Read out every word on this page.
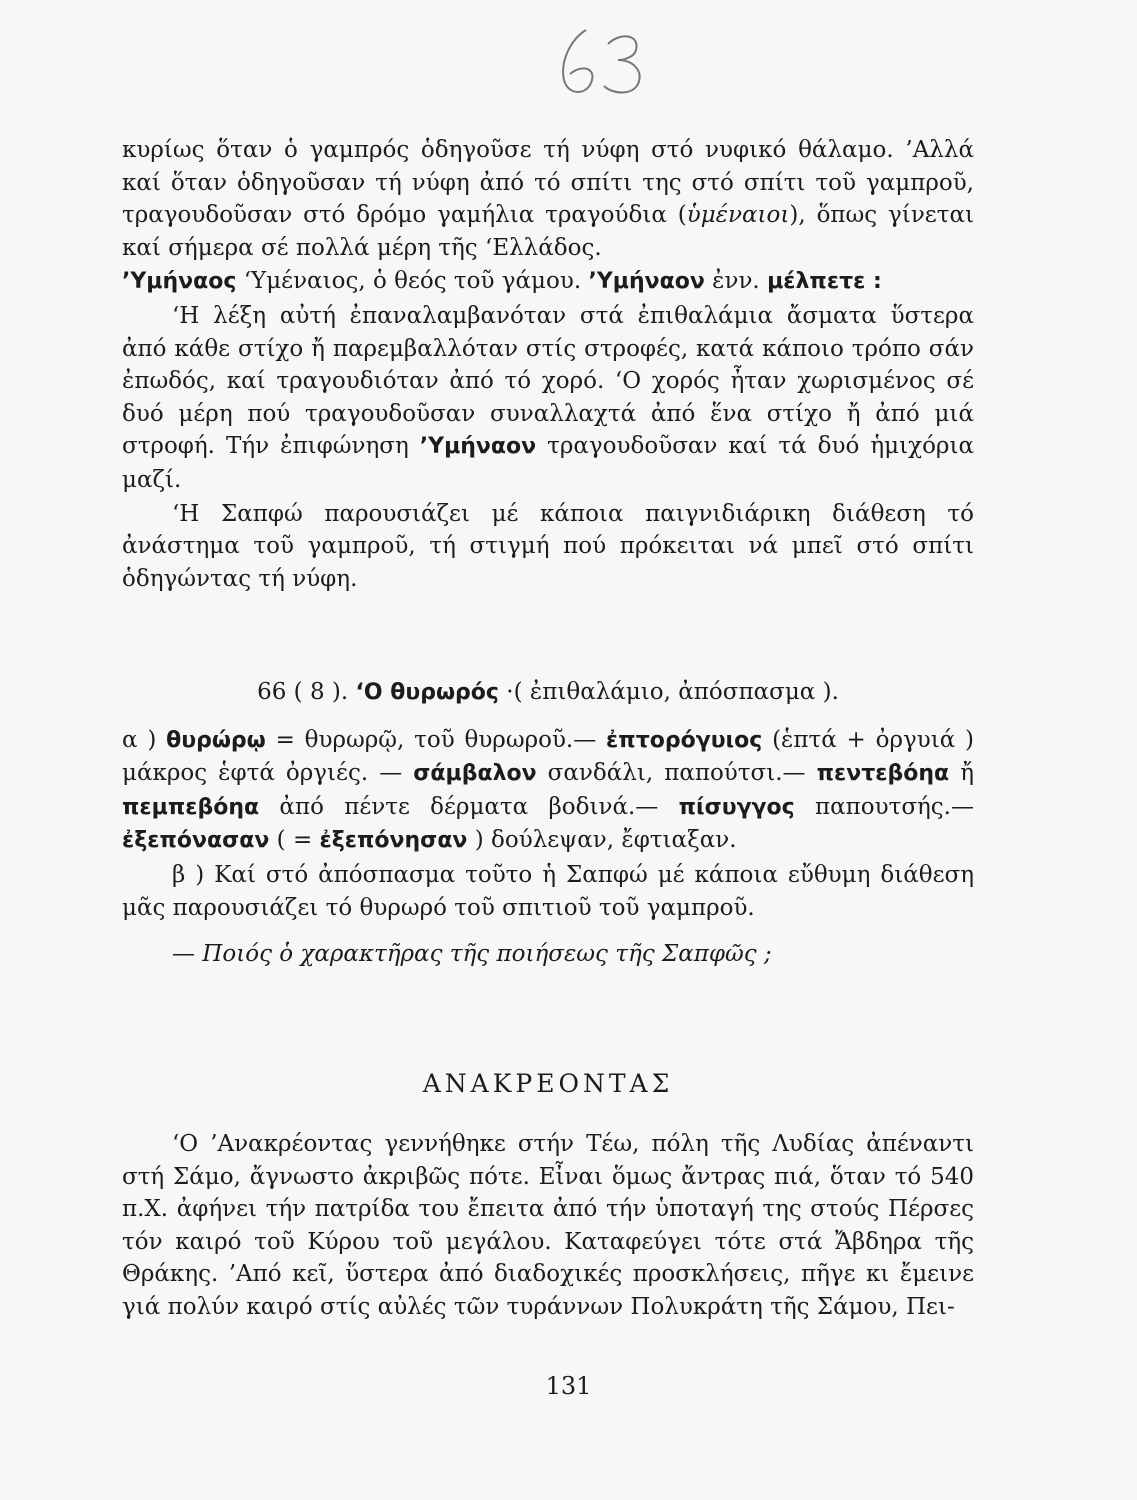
κυρίως ὅταν ὁ γαμπρός ὁδηγοῦσε τή νύφη στό νυφικό θάλαμο. ’Αλλά καί ὅταν ὁδηγοῦσαν τή νύφη ἀπό τό σπίτι της στό σπίτι τοῦ γαμπροῦ, τραγουδοῦσαν στό δρόμο γαμήλια τραγούδια (ὑμέναιοι), ὅπως γίνεται καί σήμερα σέ πολλά μέρη τῆς ‘Ελλάδος.

’Υμήναος ‘Υμέναιος, ὁ θεός τοῦ γάμου. ’Υμήναον ἐνν. μέλπετε :

‘Η λέξη αὐτή ἐπαναλαμβανόταν στά ἐπιθαλάμια ἄσματα ὕστερα ἀπό κάθε στίχο ἤ παρεμβαλλόταν στίς στροφές, κατά κάποιο τρόπο σάν ἐπωδός, καί τραγουδιόταν ἀπό τό χορό. ‘Ο χορός ἦταν χωρισμένος σέ δυό μέρη πού τραγουδοῦσαν συναλλαχτά ἀπό ἕνα στίχο ἤ ἀπό μιά στροφή. Τήν ἐπιφώνηση ’Υμήναον τραγουδοῦσαν καί τά δυό ἡμιχόρια μαζί.

‘Η Σαπφώ παρουσιάζει μέ κάποια παιγνιδιάρικη διάθεση τό ἀνάστημα τοῦ γαμπροῦ, τή στιγμή πού πρόκειται νά μπεῖ στό σπίτι ὁδηγώντας τή νύφη.

66 ( 8 ). ‘Ο θυρωρός ·( ἐπιθαλάμιο, ἀπόσπασμα ).

α ) θυρώρῳ = θυρωρῷ, τοῦ θυρωροῦ.— ἐπτορόγυιος (ἑπτά + ὀργυιά ) μάκρος ἑφτά ὀργιές. — σάμβαλον σανδάλι, παπούτσι.— πεντεβόηα ἤ πεμπεβόηα ἀπό πέντε δέρματα βοδινά.— πίσυγγος παπουτσής.— ἐξεπόνασαν ( = ἐξεπόνησαν ) δούλεψαν, ἔφτιαξαν.

β ) Καί στό ἀπόσπασμα τοῦτο ἡ Σαπφώ μέ κάποια εὔθυμη διάθεση μᾶς παρουσιάζει τό θυρωρό τοῦ σπιτιοῦ τοῦ γαμπροῦ.

— Ποιός ὁ χαρακτῆρας τῆς ποιήσεως τῆς Σαπφῶς ;

ΑΝΑΚΡΕΟΝΤΑΣ

‘Ο ’Ανακρέοντας γεννήθηκε στήν Τέω, πόλη τῆς Λυδίας ἀπέναντι στή Σάμο, ἄγνωστο ἀκριβῶς πότε. Εἶναι ὅμως ἄντρας πιά, ὅταν τό 540 π.Χ. ἀφήνει τήν πατρίδα του ἔπειτα ἀπό τήν ὑποταγή της στούς Πέρσες τόν καιρό τοῦ Κύρου τοῦ μεγάλου. Καταφεύγει τότε στά Ἄβδηρα τῆς Θράκης. ’Από κεῖ, ὕστερα ἀπό διαδοχικές προσκλήσεις, πῆγε κι ἔμεινε γιά πολύν καιρό στίς αὐλές τῶν τυράννων Πολυκράτη τῆς Σάμου, Πει-

131
